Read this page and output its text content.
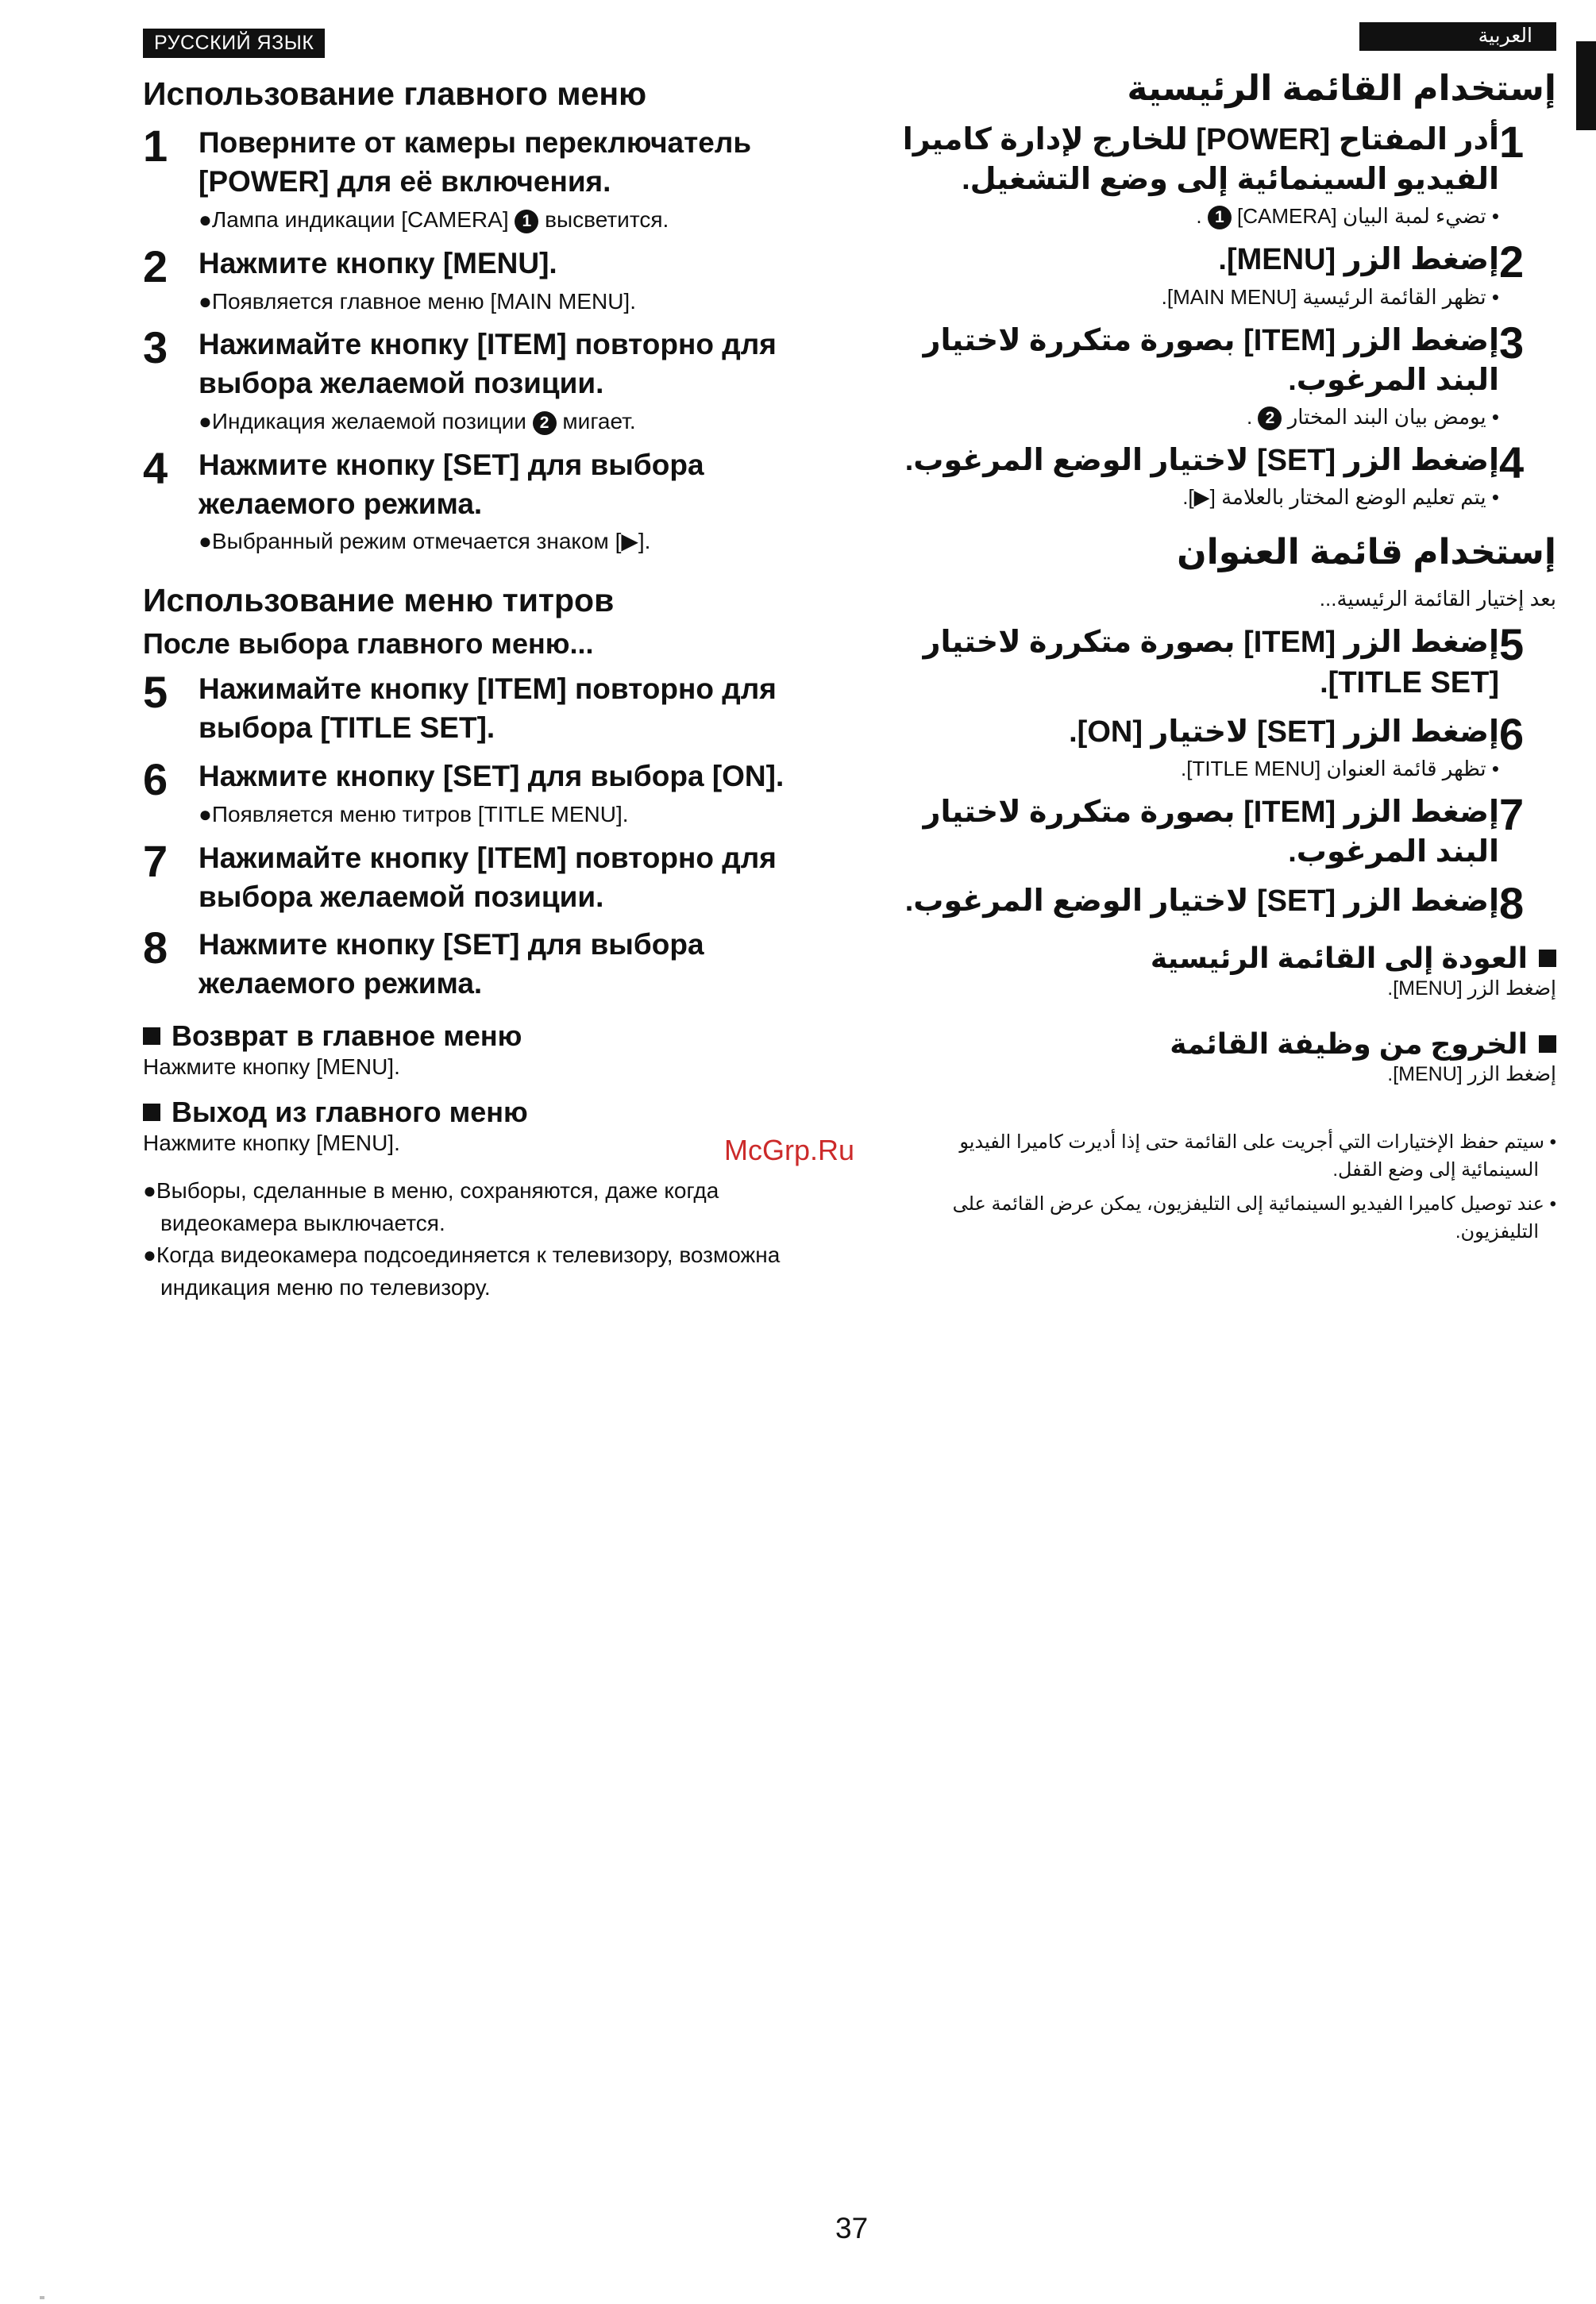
РУССКИЙ ЯЗЫК
Использование главного меню
1	Поверните от камеры переключатель [POWER] для её включения.
●Лампа индикации [CAMERA] 1 высветится.
2	Нажмите кнопку [MENU].
●Появляется главное меню [MAIN MENU].
3	Нажимайте кнопку [ITEM] повторно для выбора желаемой позиции.
●Индикация желаемой позиции 2 мигает.
4	Нажмите кнопку [SET] для выбора желаемого режима.
●Выбранный режим отмечается знаком [▶].
Использование меню титров
После выбора главного меню...
5	Нажимайте кнопку [ITEM] повторно для выбора [TITLE SET].
6	Нажмите кнопку [SET] для выбора [ON].
●Появляется меню титров [TITLE MENU].
7	Нажимайте кнопку [ITEM] повторно для выбора желаемой позиции.
8	Нажмите кнопку [SET] для выбора желаемого режима.
Возврат в главное меню
Нажмите кнопку [MENU].
Выход из главного меню
Нажмите кнопку [MENU].
●Выборы, сделанные в меню, сохраняются, даже когда видеокамера выключается.
●Когда видеокамера подсоединяется к телевизору, возможна индикация меню по телевизору.
العربية
إستخدام القائمة الرئيسية
1
أدر المفتاح [POWER] للخارج لإدارة كاميرا الفيديو السينمائية إلى وضع التشغيل.
• تضيء لمبة البيان [CAMERA] 1 .
2
إضغط الزر [MENU].
• تظهر القائمة الرئيسية [MAIN MENU].
3
إضغط الزر [ITEM] بصورة متكررة لاختيار البند المرغوب.
• يومض بيان البند المختار 2 .
4
إضغط الزر [SET] لاختيار الوضع المرغوب.
• يتم تعليم الوضع المختار بالعلامة [▶].
إستخدام قائمة العنوان
بعد إختيار القائمة الرئيسية...
5
إضغط الزر [ITEM] بصورة متكررة لاختيار [TITLE SET].
6
إضغط الزر [SET] لاختيار [ON].
• تظهر قائمة العنوان [TITLE MENU].
7
إضغط الزر [ITEM] بصورة متكررة لاختيار البند المرغوب.
8
إضغط الزر [SET] لاختيار الوضع المرغوب.
العودة إلى القائمة الرئيسية
إضغط الزر [MENU].
الخروج من وظيفة القائمة
إضغط الزر [MENU].
• سيتم حفظ الإختيارات التي أجريت على القائمة حتى إذا أديرت كاميرا الفيديو السينمائية إلى وضع القفل.
• عند توصيل كاميرا الفيديو السينمائية إلى التليفزيون، يمكن عرض القائمة على التليفزيون.
McGrp.Ru
37
